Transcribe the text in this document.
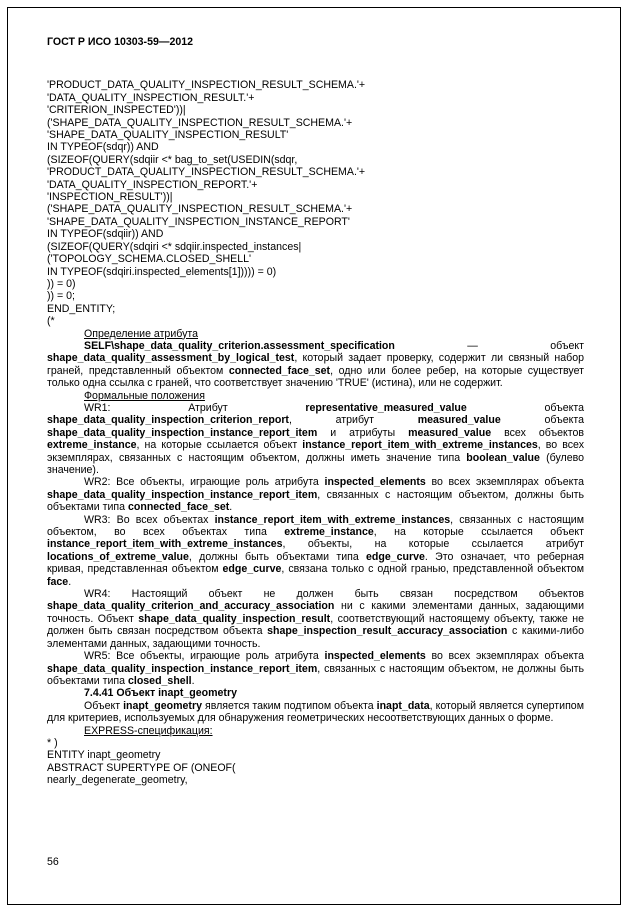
ГОСТ Р ИСО 10303-59—2012
'PRODUCT_DATA_QUALITY_INSPECTION_RESULT_SCHEMA.'+
'DATA_QUALITY_INSPECTION_RESULT.'+
'CRITERION_INSPECTED'))|
('SHAPE_DATA_QUALITY_INSPECTION_RESULT_SCHEMA.'+
'SHAPE_DATA_QUALITY_INSPECTION_RESULT'
IN TYPEOF(sdqr)) AND
(SIZEOF(QUERY(sdqiir <* bag_to_set(USEDIN(sdqr,
'PRODUCT_DATA_QUALITY_INSPECTION_RESULT_SCHEMA.'+
'DATA_QUALITY_INSPECTION_REPORT.'+
'INSPECTION_RESULT'))|
('SHAPE_DATA_QUALITY_INSPECTION_RESULT_SCHEMA.'+
'SHAPE_DATA_QUALITY_INSPECTION_INSTANCE_REPORT'
IN TYPEOF(sdqiir)) AND
(SIZEOF(QUERY(sdqiri <* sdqiir.inspected_instances|
('TOPOLOGY_SCHEMA.CLOSED_SHELL'
IN TYPEOF(sdqiri.inspected_elements[1])))) = 0)
)) = 0)
)) = 0;
END_ENTITY;
(*

Определение атрибута

SELF\shape_data_quality_criterion.assessment_specification — объект shape_data_quality_assessment_by_logical_test, который задает проверку, содержит ли связный набор граней, представленный объектом connected_face_set, одно или более ребер, на которые существует только одна ссылка с граней, что соответствует значению 'TRUE' (истина), или не содержит.

Формальные положения

WR1: Атрибут representative_measured_value объекта shape_data_quality_inspection_criterion_report, атрибут measured_value объекта shape_data_quality_inspection_instance_report_item и атрибуты measured_value всех объектов extreme_instance, на которые ссылается объект instance_report_item_with_extreme_instances, во всех экземплярах, связанных с настоящим объектом, должны иметь значение типа boolean_value (булево значение).

WR2: Все объекты, играющие роль атрибута inspected_elements во всех экземплярах объекта shape_data_quality_inspection_instance_report_item, связанных с настоящим объектом, должны быть объектами типа connected_face_set.

WR3: Во всех объектах instance_report_item_with_extreme_instances, связанных с настоящим объектом, во всех объектах типа extreme_instance, на которые ссылается объект instance_report_item_with_extreme_instances, объекты, на которые ссылается атрибут locations_of_extreme_value, должны быть объектами типа edge_curve. Это означает, что реберная кривая, представленная объектом edge_curve, связана только с одной гранью, представленной объектом face.

WR4: Настоящий объект не должен быть связан посредством объектов shape_data_quality_criterion_and_accuracy_association ни с какими элементами данных, задающими точность. Объект shape_data_quality_inspection_result, соответствующий настоящему объекту, также не должен быть связан посредством объекта shape_inspection_result_accuracy_association с какими-либо элементами данных, задающими точность.

WR5: Все объекты, играющие роль атрибута inspected_elements во всех экземплярах объекта shape_data_quality_inspection_instance_report_item, связанных с настоящим объектом, не должны быть объектами типа closed_shell.

7.4.41 Объект inapt_geometry

Объект inapt_geometry является таким подтипом объекта inapt_data, который является супертипом для критериев, используемых для обнаружения геометрических несоответствующих данных о форме.

EXPRESS-спецификация:

* )
ENTITY inapt_geometry
ABSTRACT SUPERTYPE OF (ONEOF(
nearly_degenerate_geometry,
56
